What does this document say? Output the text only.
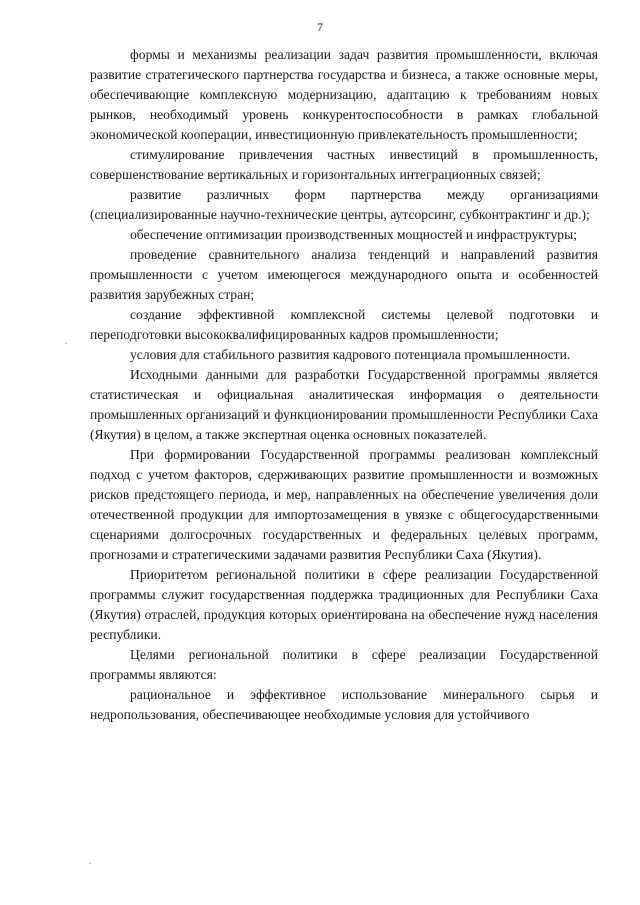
7

формы и механизмы реализации задач развития промышленности, включая развитие стратегического партнерства государства и бизнеса, а также основные меры, обеспечивающие комплексную модернизацию, адаптацию к требованиям новых рынков, необходимый уровень конкурентоспособности в рамках глобальной экономической кооперации, инвестиционную привлекательность промышленности;

стимулирование привлечения частных инвестиций в промышленность, совершенствование вертикальных и горизонтальных интеграционных связей;

развитие различных форм партнерства между организациями (специализированные научно-технические центры, аутсорсинг, субконтрактинг и др.);

обеспечение оптимизации производственных мощностей и инфраструктуры;

проведение сравнительного анализа тенденций и направлений развития промышленности с учетом имеющегося международного опыта и особенностей развития зарубежных стран;

создание эффективной комплексной системы целевой подготовки и переподготовки высококвалифицированных кадров промышленности;

условия для стабильного развития кадрового потенциала промышленности.

Исходными данными для разработки Государственной программы является статистическая и официальная аналитическая информация о деятельности промышленных организаций и функционировании промышленности Республики Саха (Якутия) в целом, а также экспертная оценка основных показателей.

При формировании Государственной программы реализован комплексный подход с учетом факторов, сдерживающих развитие промышленности и возможных рисков предстоящего периода, и мер, направленных на обеспечение увеличения доли отечественной продукции для импортозамещения в увязке с общегосударственными сценариями долгосрочных государственных и федеральных целевых программ, прогнозами и стратегическими задачами развития Республики Саха (Якутия).

Приоритетом региональной политики в сфере реализации Государственной программы служит государственная поддержка традиционных для Республики Саха (Якутия) отраслей, продукция которых ориентирована на обеспечение нужд населения республики.

Целями региональной политики в сфере реализации Государственной программы являются:

рациональное и эффективное использование минерального сырья и недропользования, обеспечивающее необходимые условия для устойчивого

·
·
